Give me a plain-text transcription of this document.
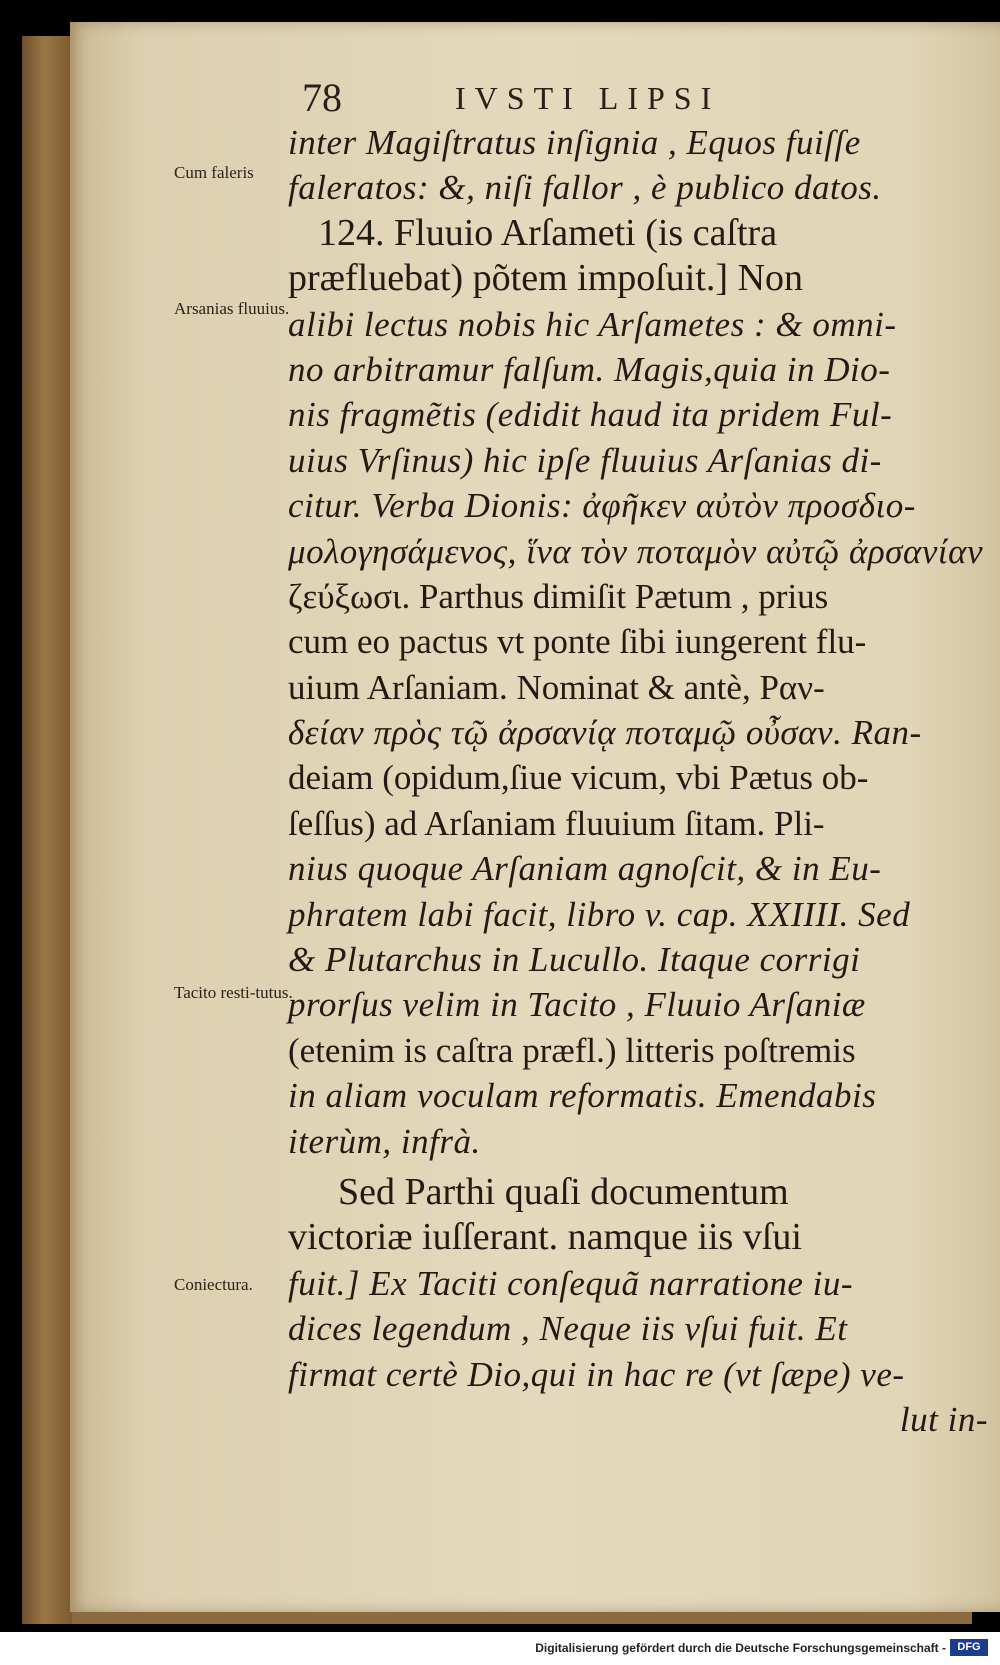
78	IVSTI LIPSI
Cum faleris
Arsanias fluuius.
Tacito resti-tutus.
Coniectura.
inter Magiſtratus inſignia , Equos fuiſſe
faleratos: &, niſi fallor , è publico datos.
124. Fluuio Arſameti (is caſtra
præfluebat) põtem impoſuit.] Non
alibi lectus nobis hic Arſametes : & omni-
no arbitramur falſum. Magis,quia in Dio-
nis fragmẽtis (edidit haud ita pridem Ful-
uius Vrſinus) hic ipſe fluuius Arſanias di-
citur. Verba Dionis: ἀφῆκεν αὐτὸν προσδιο-
μολογησάμενος, ἵνα τὸν ποταμὸν αὐτῷ ἀρσανίαν
ζεύξωσι. Parthus dimiſit Pætum , prius
cum eo pactus vt ponte ſibi iungerent flu-
uium Arſaniam. Nominat & antè, Ραν-
δείαν πρὸς τῷ ἀρσανίᾳ ποταμῷ οὖσαν. Ran-
deiam (opidum,ſiue vicum, vbi Pætus ob-
ſeſſus) ad Arſaniam fluuium ſitam. Pli-
nius quoque Arſaniam agnoſcit, & in Eu-
phratem labi facit, libro v. cap. XXIIII. Sed
& Plutarchus in Lucullo. Itaque corrigi
prorſus velim in Tacito , Fluuio Arſaniæ
(etenim is caſtra præfl.) litteris poſtremis
in aliam voculam reformatis. Emendabis
iterùm, infrà.
Sed Parthi quaſi documentum
victoriæ iuſſerant. namque iis vſui
fuit.] Ex Taciti conſequã narratione iu-
dices legendum , Neque iis vſui fuit. Et
firmat certè Dio,qui in hac re (vt ſæpe) ve-
lut in-
Digitalisierung gefördert durch die Deutsche Forschungsgemeinschaft -	DFG
